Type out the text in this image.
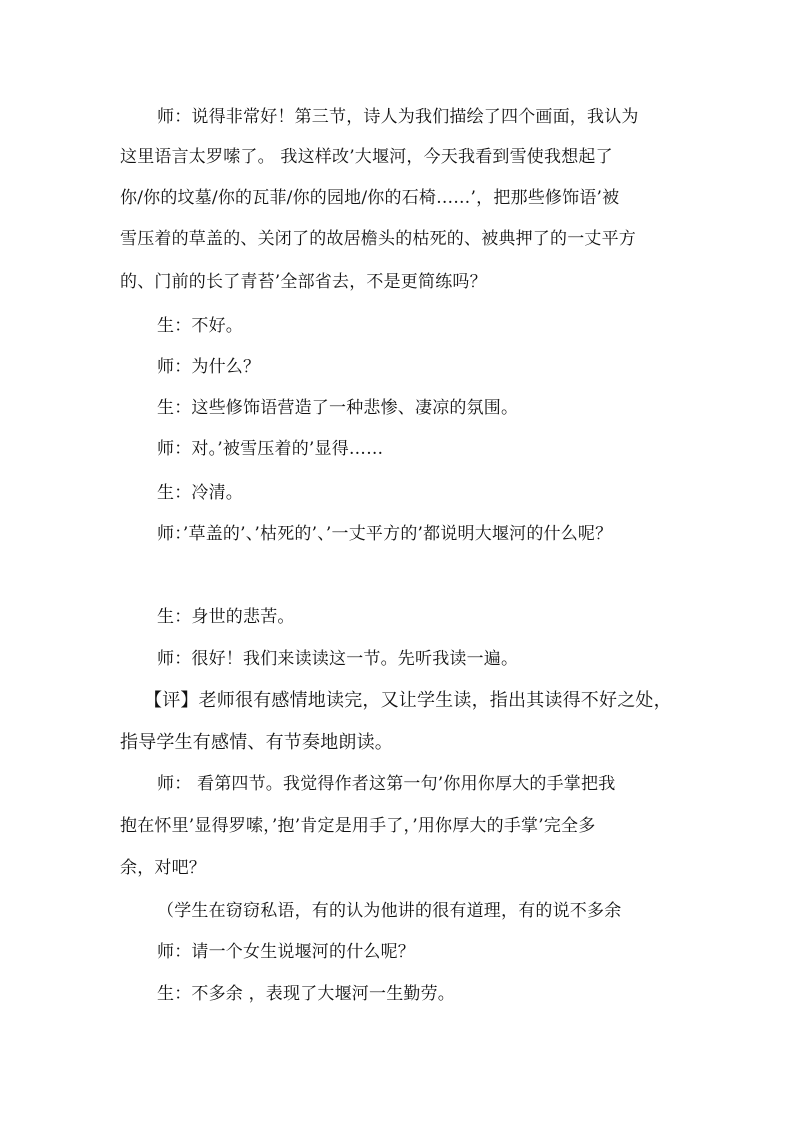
师：说得非常好！第三节，诗人为我们描绘了四个画面，我认为
这里语言太罗嗦了。 我这样改’大堰河，今天我看到雪使我想起了
你/你的坟墓/你的瓦菲/你的园地/你的石椅……’，把那些修饰语’被
雪压着的草盖的、关闭了的故居檐头的枯死的、被典押了的一丈平方
的、门前的长了青苔’全部省去，不是更简练吗？
生：不好。
师：为什么？
生：这些修饰语营造了一种悲惨、凄凉的氛围。
师：对。’被雪压着的’显得……
生：冷清。
师：’草盖的’、’枯死的’、’一丈平方的’都说明大堰河的什么呢？
生：身世的悲苦。
师：很好！我们来读读这一节。先听我读一遍。
【评】老师很有感情地读完，又让学生读，指出其读得不好之处，
指导学生有感情、有节奏地朗读。
师： 看第四节。我觉得作者这第一句’你用你厚大的手掌把我
抱在怀里’显得罗嗦，’抱’肯定是用手了，’用你厚大的手掌’完全多
余，对吧？
（学生在窃窃私语，有的认为他讲的很有道理，有的说不多余
师：请一个女生说堰河的什么呢？
生：不多余 ，表现了大堰河一生勤劳。
